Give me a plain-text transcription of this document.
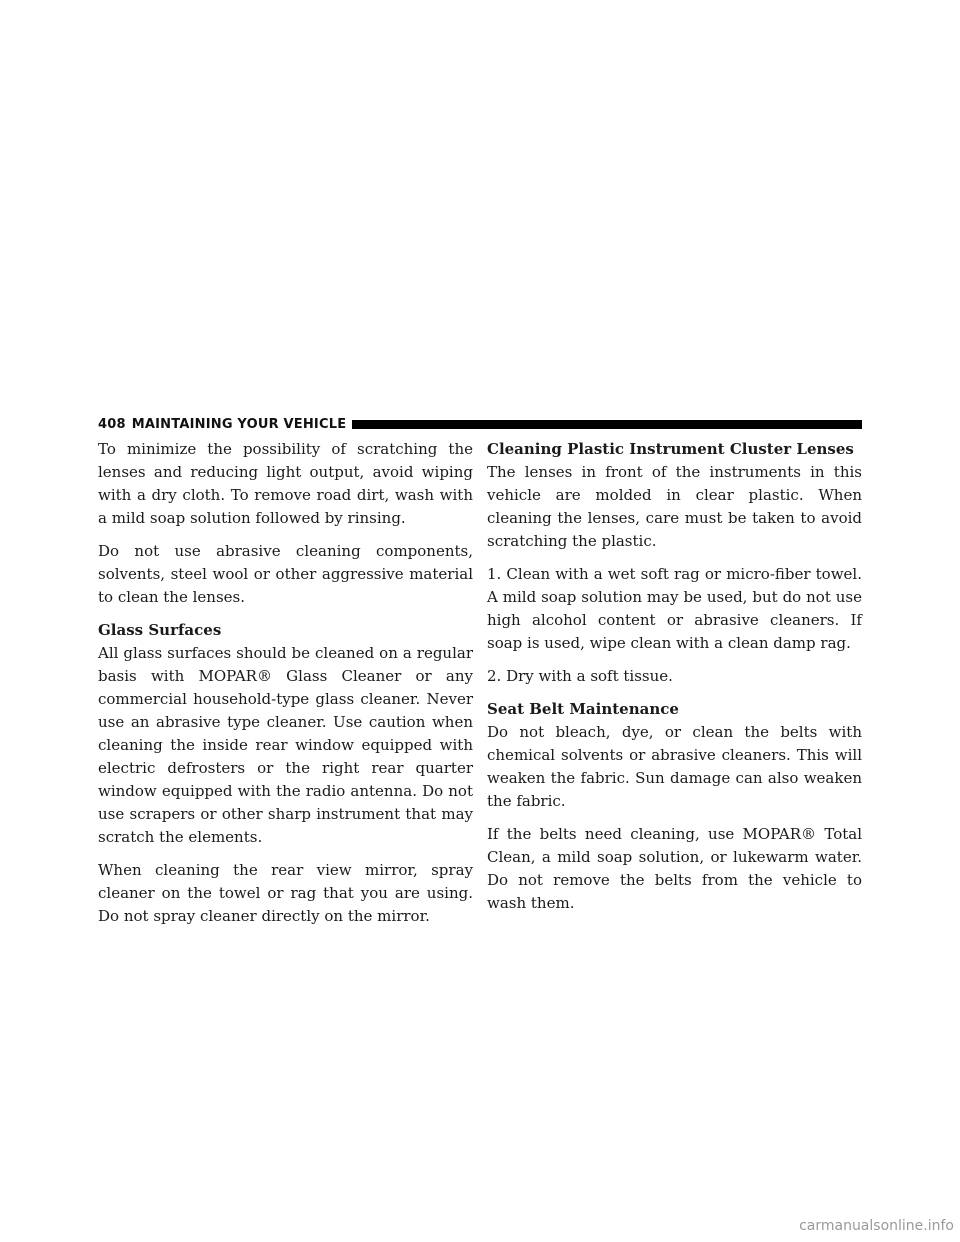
408 MAINTAINING YOUR VEHICLE

To minimize the possibility of scratching the lenses and reducing light output, avoid wiping with a dry cloth. To remove road dirt, wash with a mild soap solution followed by rinsing.

Do not use abrasive cleaning components, solvents, steel wool or other aggressive material to clean the lenses.

Glass Surfaces

All glass surfaces should be cleaned on a regular basis with MOPAR® Glass Cleaner or any commercial household-type glass cleaner. Never use an abrasive type cleaner. Use caution when cleaning the inside rear window equipped with electric defrosters or the right rear quarter window equipped with the radio antenna. Do not use scrapers or other sharp instrument that may scratch the elements.

When cleaning the rear view mirror, spray cleaner on the towel or rag that you are using. Do not spray cleaner directly on the mirror.

Cleaning Plastic Instrument Cluster Lenses

The lenses in front of the instruments in this vehicle are molded in clear plastic. When cleaning the lenses, care must be taken to avoid scratching the plastic.

1. Clean with a wet soft rag or micro-fiber towel. A mild soap solution may be used, but do not use high alcohol content or abrasive cleaners. If soap is used, wipe clean with a clean damp rag.

2. Dry with a soft tissue.

Seat Belt Maintenance

Do not bleach, dye, or clean the belts with chemical solvents or abrasive cleaners. This will weaken the fabric. Sun damage can also weaken the fabric.

If the belts need cleaning, use MOPAR® Total Clean, a mild soap solution, or lukewarm water. Do not remove the belts from the vehicle to wash them.

carmanualsonline.info
